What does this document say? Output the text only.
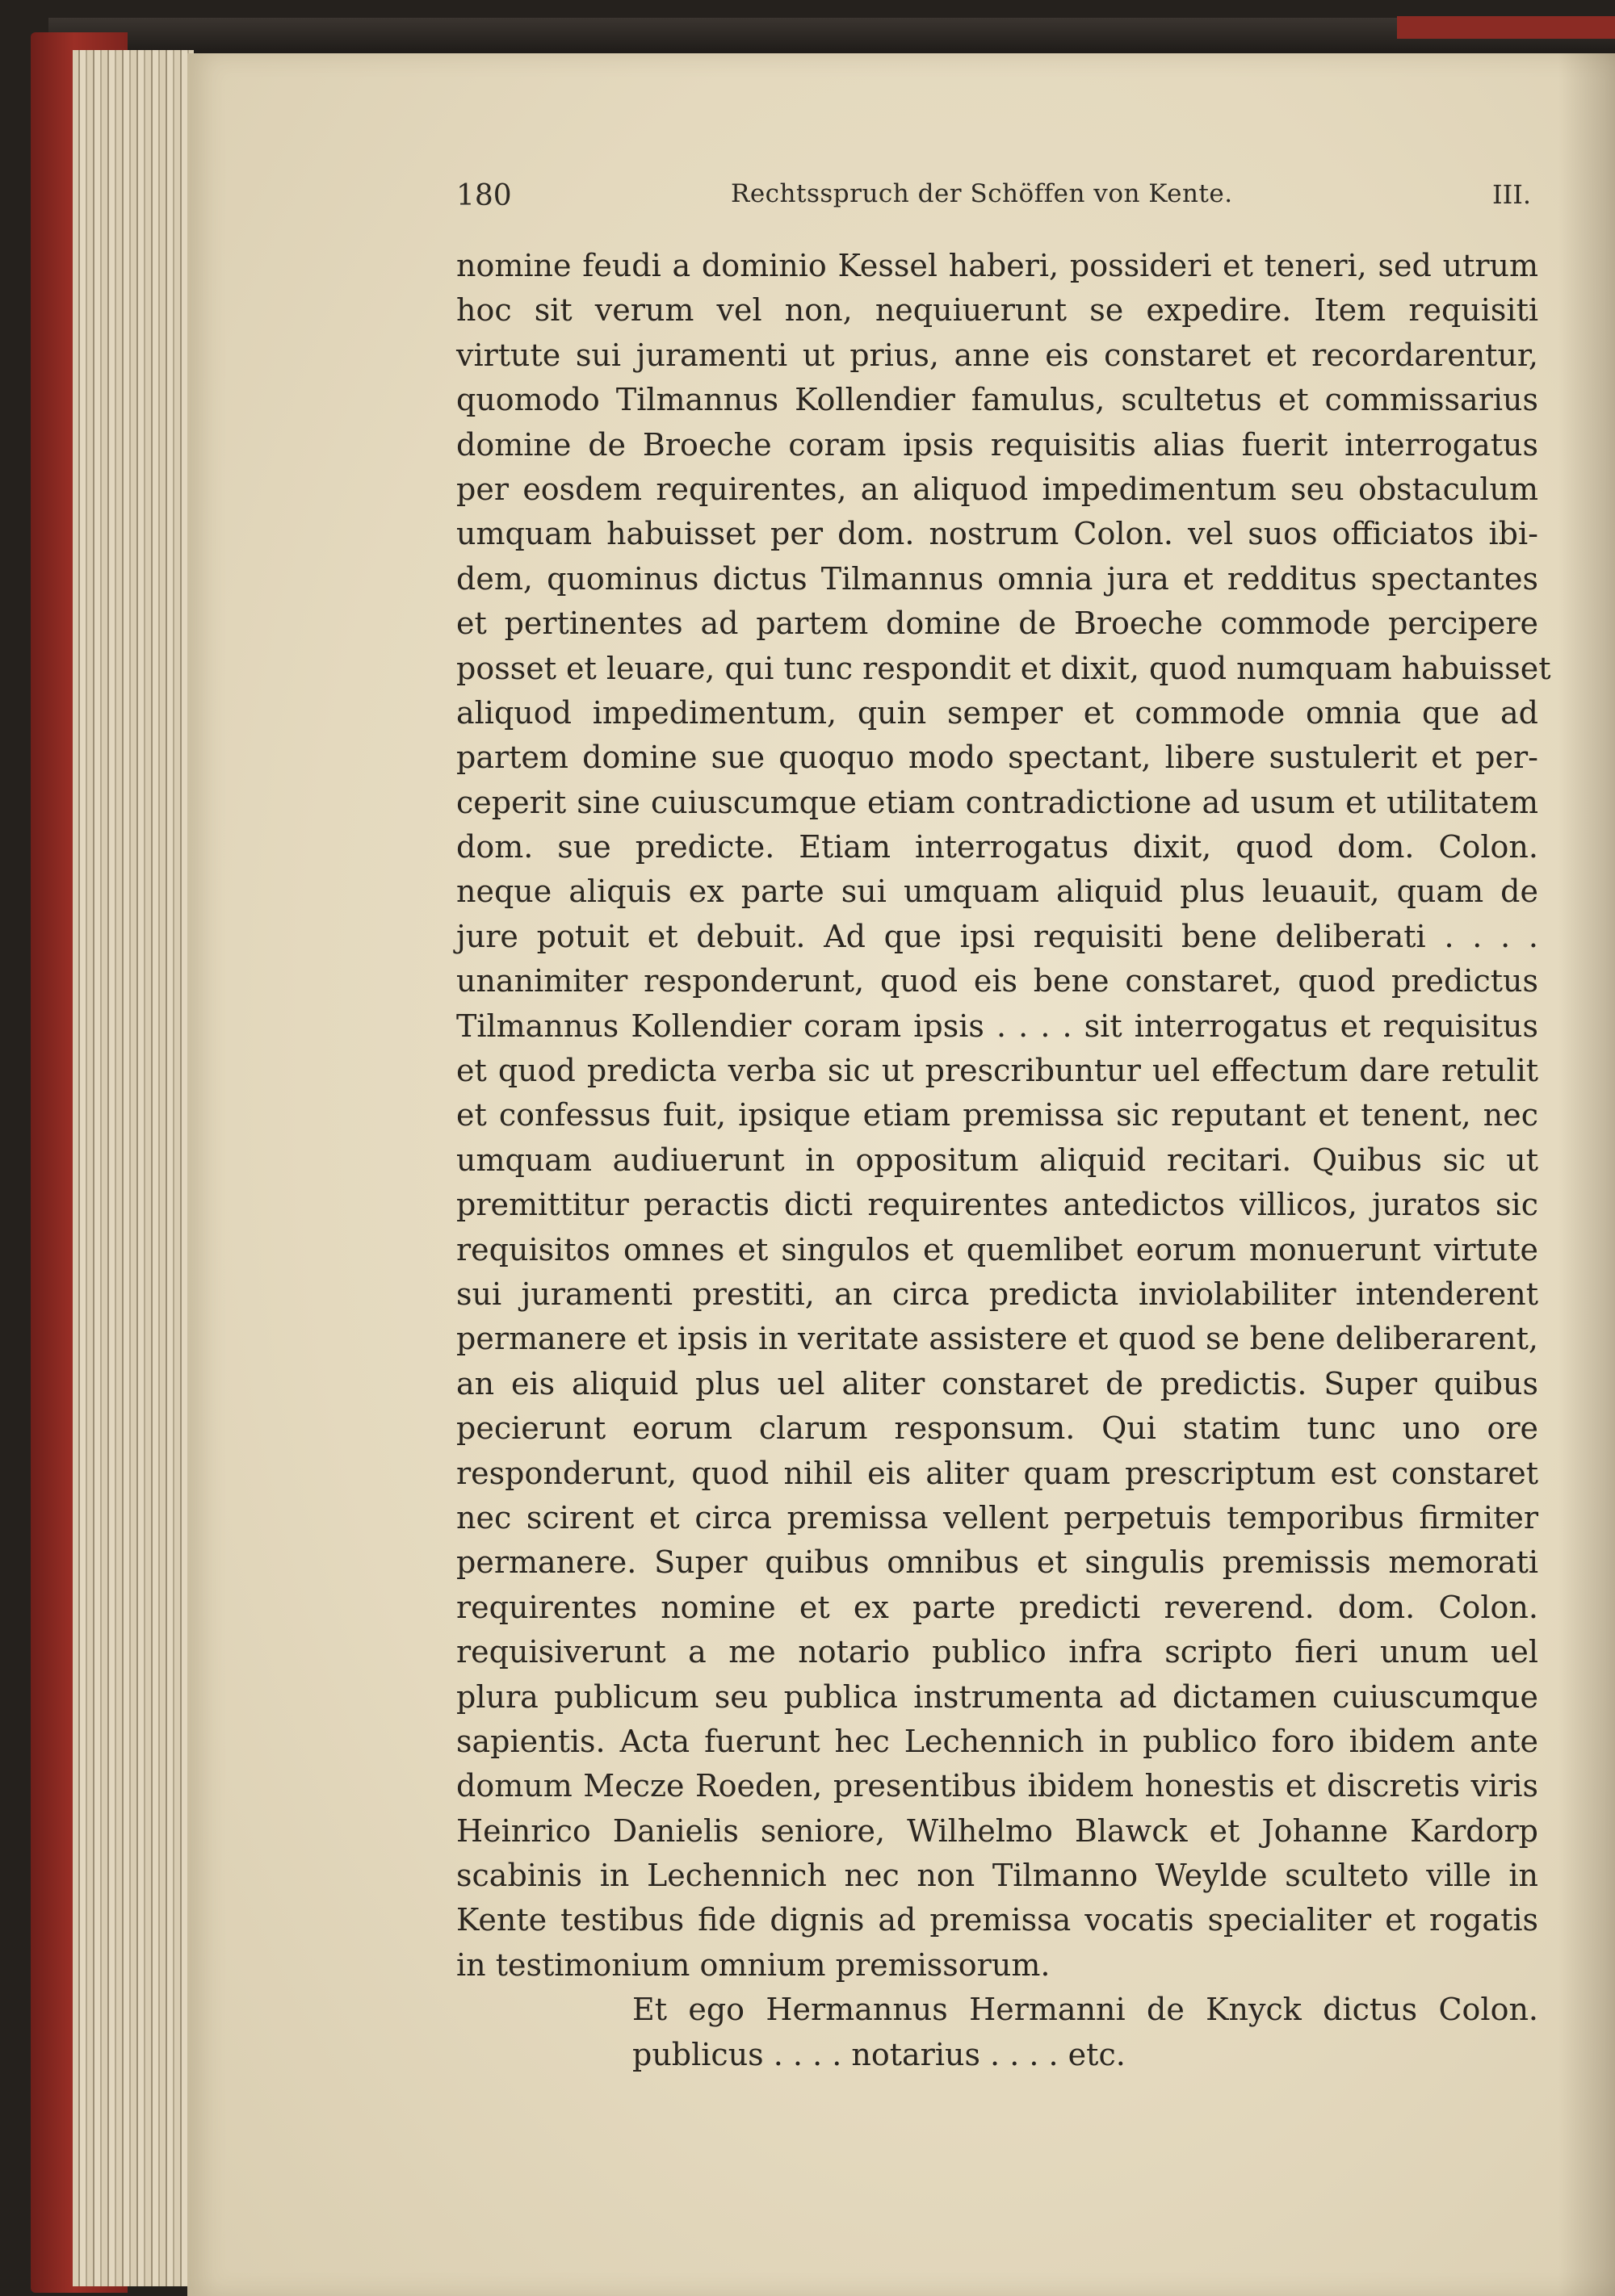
180	Rechtsspruch der Schöffen von Kente.	III.
nomine feudi a dominio Kessel haberi, possideri et teneri, sed utrum
hoc sit verum vel non, nequiuerunt se expedire. Item requisiti
virtute sui juramenti ut prius, anne eis constaret et recordarentur,
quomodo Tilmannus Kollendier famulus, scultetus et commissarius
domine de Broeche coram ipsis requisitis alias fuerit interrogatus
per eosdem requirentes, an aliquod impedimentum seu obstaculum
umquam habuisset per dom. nostrum Colon. vel suos officiatos ibi-
dem, quominus dictus Tilmannus omnia jura et redditus spectantes
et pertinentes ad partem domine de Broeche commode percipere
posset et leuare, qui tunc respondit et dixit, quod numquam habuisset
aliquod impedimentum, quin semper et commode omnia que ad
partem domine sue quoquo modo spectant, libere sustulerit et per-
ceperit sine cuiuscumque etiam contradictione ad usum et utilitatem
dom. sue predicte. Etiam interrogatus dixit, quod dom. Colon.
neque aliquis ex parte sui umquam aliquid plus leuauit, quam de
jure potuit et debuit. Ad que ipsi requisiti bene deliberati . . . .
unanimiter responderunt, quod eis bene constaret, quod predictus
Tilmannus Kollendier coram ipsis . . . . sit interrogatus et requisitus
et quod predicta verba sic ut prescribuntur uel effectum dare retulit
et confessus fuit, ipsique etiam premissa sic reputant et tenent, nec
umquam audiuerunt in oppositum aliquid recitari. Quibus sic ut
premittitur peractis dicti requirentes antedictos villicos, juratos sic
requisitos omnes et singulos et quemlibet eorum monuerunt virtute
sui juramenti prestiti, an circa predicta inviolabiliter intenderent
permanere et ipsis in veritate assistere et quod se bene deliberarent,
an eis aliquid plus uel aliter constaret de predictis. Super quibus
pecierunt eorum clarum responsum. Qui statim tunc uno ore
responderunt, quod nihil eis aliter quam prescriptum est constaret
nec scirent et circa premissa vellent perpetuis temporibus firmiter
permanere. Super quibus omnibus et singulis premissis memorati
requirentes nomine et ex parte predicti reverend. dom. Colon.
requisiverunt a me notario publico infra scripto fieri unum uel
plura publicum seu publica instrumenta ad dictamen cuiuscumque
sapientis. Acta fuerunt hec Lechennich in publico foro ibidem ante
domum Mecze Roeden, presentibus ibidem honestis et discretis viris
Heinrico Danielis seniore, Wilhelmo Blawck et Johanne Kardorp
scabinis in Lechennich nec non Tilmanno Weylde sculteto ville in
Kente testibus fide dignis ad premissa vocatis specialiter et rogatis
in testimonium omnium premissorum.
Et ego Hermannus Hermanni de Knyck dictus Colon.
publicus . . . . notarius . . . . etc.
